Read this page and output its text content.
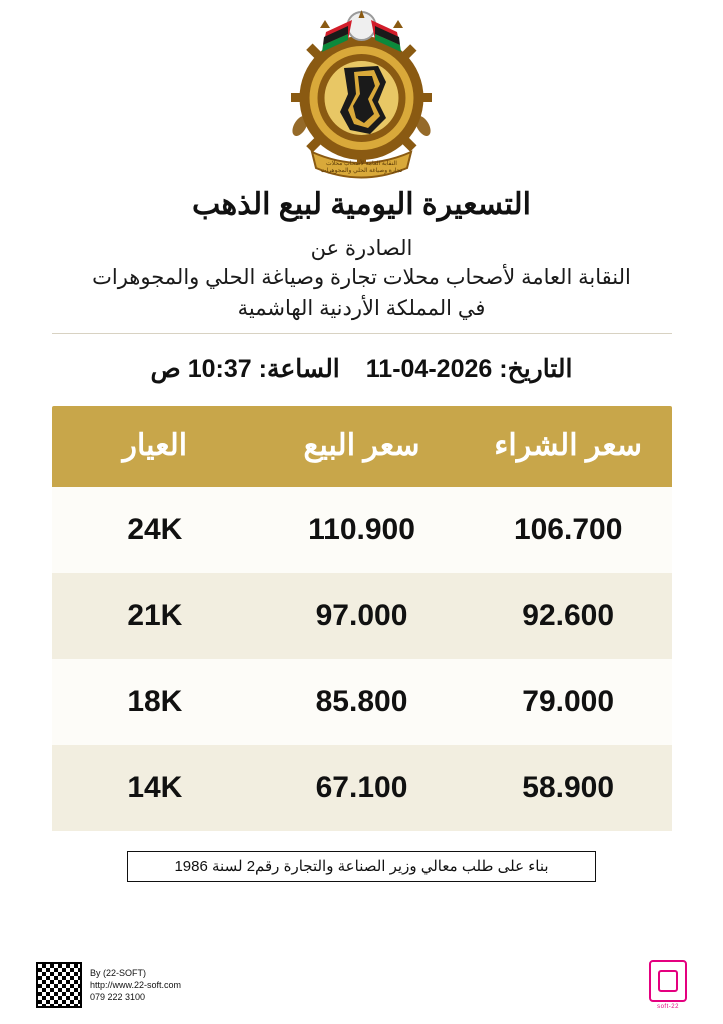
النقابة العامة لأصحاب محلات
تجارة وصياغة الحلي والمجوهرات
التسعيرة اليومية لبيع الذهب
الصادرة عن
النقابة العامة لأصحاب محلات تجارة وصياغة الحلي والمجوهرات
في المملكة الأردنية الهاشمية
التاريخ: 2026-04-11
الساعة: 10:37 ص
سعر الشراء	سعر البيع	العيار
106.700	110.900	24K
92.600	97.000	21K
79.000	85.800	18K
58.900	67.100	14K
بناء على طلب معالي وزير الصناعة والتجارة رقم2 لسنة 1986
22-soft
By (22-SOFT)
http://www.22-soft.com
079 222 3100
